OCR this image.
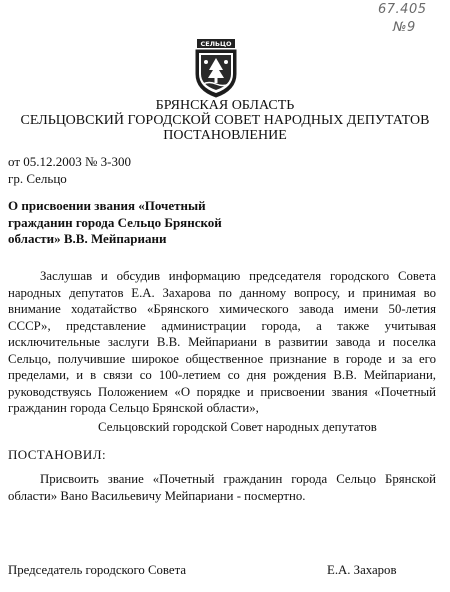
67.405
№9
СЕЛЬЦО
БРЯНСКАЯ ОБЛАСТЬ
СЕЛЬЦОВСКИЙ ГОРОДСКОЙ СОВЕТ НАРОДНЫХ ДЕПУТАТОВ
ПОСТАНОВЛЕНИЕ
от 05.12.2003 № 3-300
гр. Сельцо
О присвоении звания «Почетный
гражданин города Сельцо Брянской
области» В.В. Мейпариани
Заслушав и обсудив информацию председателя городского Совета
народных депутатов Е.А. Захарова по данному вопросу, и принимая во
внимание ходатайство «Брянского химического завода имени 50-летия
СССР», представление администрации города, а также учитывая
исключительные заслуги В.В. Мейпариани в развитии завода и поселка
Сельцо, получившие широкое общественное признание в городе и за его
пределами, и в связи со 100-летием со дня рождения В.В. Мейпариани,
руководствуясь Положением «О порядке и присвоении звания «Почетный
гражданин города Сельцо Брянской области»,
Сельцовский городской Совет народных депутатов
ПОСТАНОВИЛ:
Присвоить звание «Почетный гражданин города Сельцо Брянской
области» Вано Васильевичу Мейпариани - посмертно.
Председатель городского Совета	Е.А. Захаров
